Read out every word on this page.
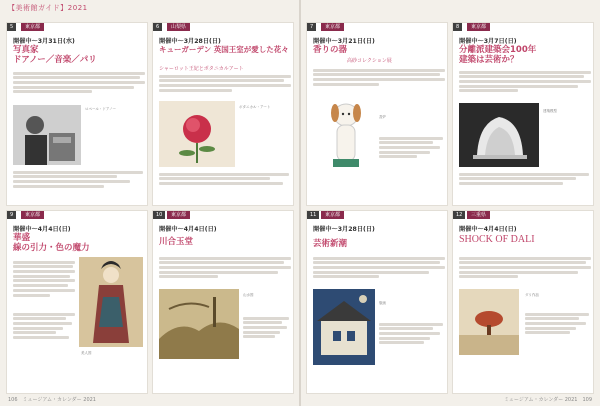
【美術館ガイド】2021
5	東京都
開催中～3月31日(水)
写真家
ドアノー／音楽／パリ
ロベール・ドアノー
6	山梨県
開催中～3月28日(日)
キューガーデン 英国王室が愛した花々
シャーロット王妃とボタニカルアート
ボタニカル・アート
7	東京都
開催中～3月21日(日)
香りの器
高砂コレクション展
香炉
8	東京都
開催中～3月7日(日)
分離派建築会100年
建築は芸術か？
建築模型
9	東京都
開催中～4月4日(日)
華盛
線の引力・色の魔力
美人図
10	東京都
開催中～4月4日(日)
川合玉堂
山水図
11	東京都
開催中～3月28日(日)
芸術新潮
版画
12	三重県
開催中～4月4日(日)
SHOCK OF DALI
ダリ作品
106　ミュージアム・カレンダー 2021	ミュージアム・カレンダー 2021　109
